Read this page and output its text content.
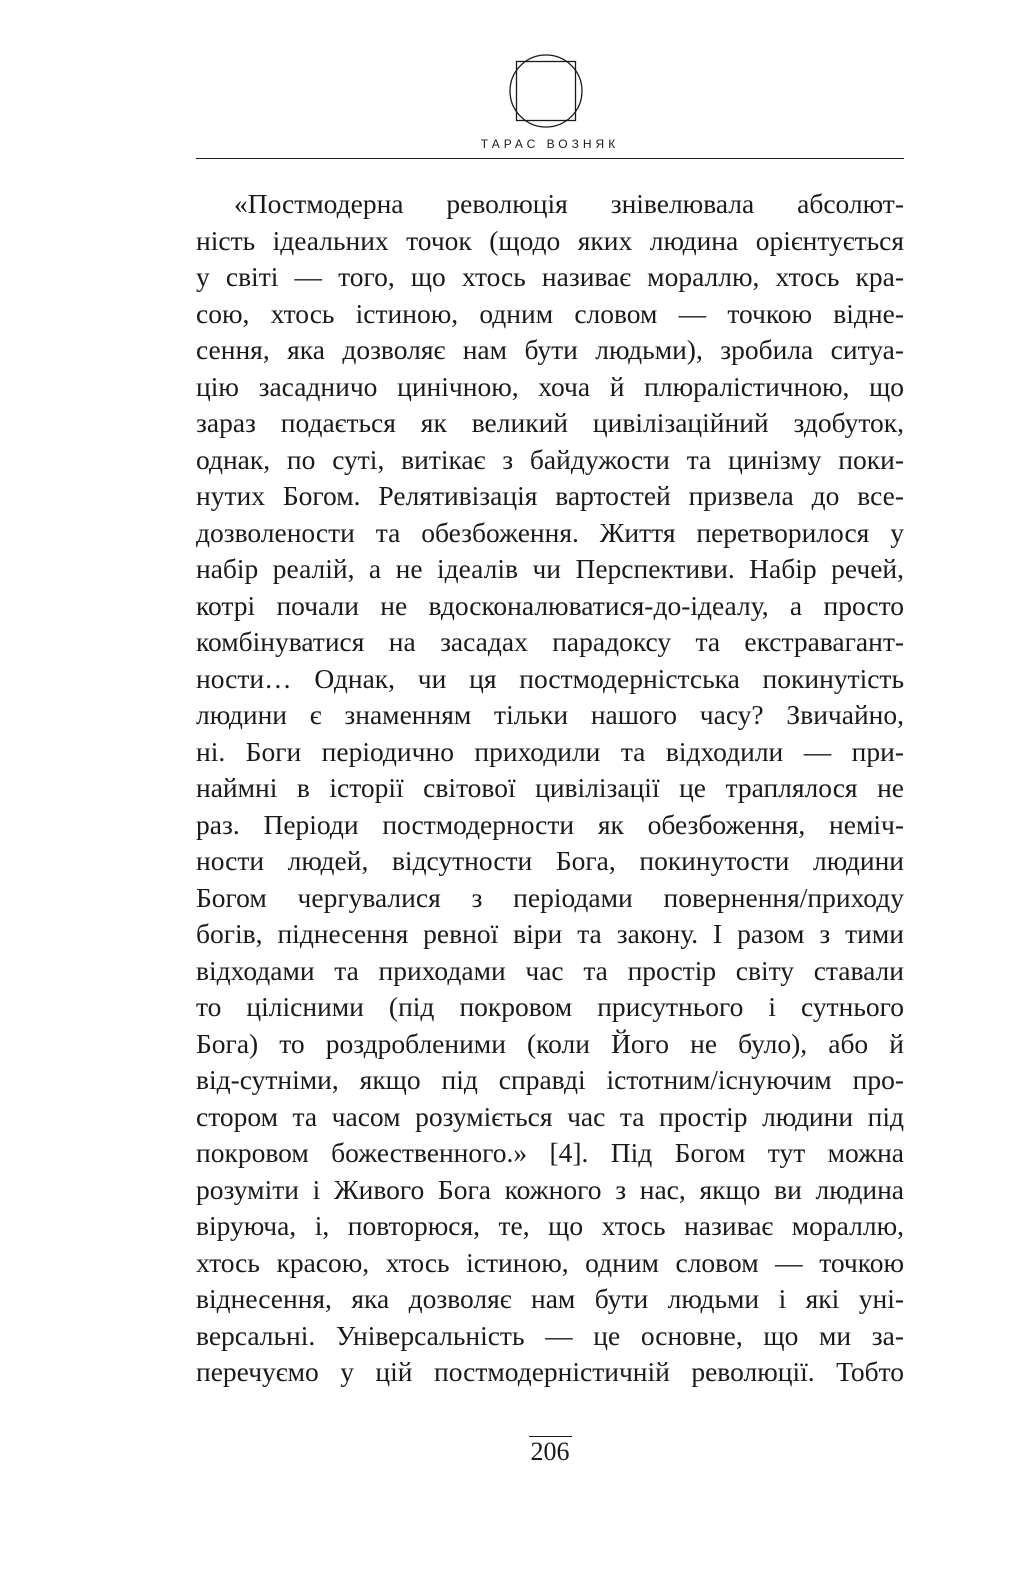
ТАРАС ВОЗНЯК
«Постмодерна революція знівелювала абсолют-
ність ідеальних точок (щодо яких людина орієнтується
у світі — того, що хтось називає мораллю, хтось кра-
сою, хтось істиною, одним словом — точкою відне-
сення, яка дозволяє нам бути людьми), зробила ситуа-
цію засадничо цинічною, хоча й плюралістичною, що
зараз подається як великий цивілізаційний здобуток,
однак, по суті, витікає з байдужости та цинізму поки-
нутих Богом. Релятивізація вартостей призвела до все-
дозволености та обезбоження. Життя перетворилося у
набір реалій, а не ідеалів чи Перспективи. Набір речей,
котрі почали не вдосконалюватися-до-ідеалу, а просто
комбінуватися на засадах парадоксу та екстравагант-
ности… Однак, чи ця постмодерністська покинутість
людини є знаменням тільки нашого часу? Звичайно,
ні. Боги періодично приходили та відходили — при-
наймні в історії світової цивілізації це траплялося не
раз. Періоди постмодерности як обезбоження, неміч-
ности людей, відсутности Бога, покинутости людини
Богом чергувалися з періодами повернення/приходу
богів, піднесення ревної віри та закону. І разом з тими
відходами та приходами час та простір світу ставали
то цілісними (під покровом присутнього і сутнього
Бога) то роздробленими (коли Його не було), або й
від-сутніми, якщо під справді істотним/існуючим про-
стором та часом розуміється час та простір людини під
покровом божественного.» [4]. Під Богом тут можна
розуміти і Живого Бога кожного з нас, якщо ви людина
віруюча, і, повторюся, те, що хтось називає мораллю,
хтось красою, хтось істиною, одним словом — точкою
віднесення, яка дозволяє нам бути людьми і які уні-
версальні. Універсальність — це основне, що ми за-
перечуємо у цій постмодерністичній революції. Тобто
206
